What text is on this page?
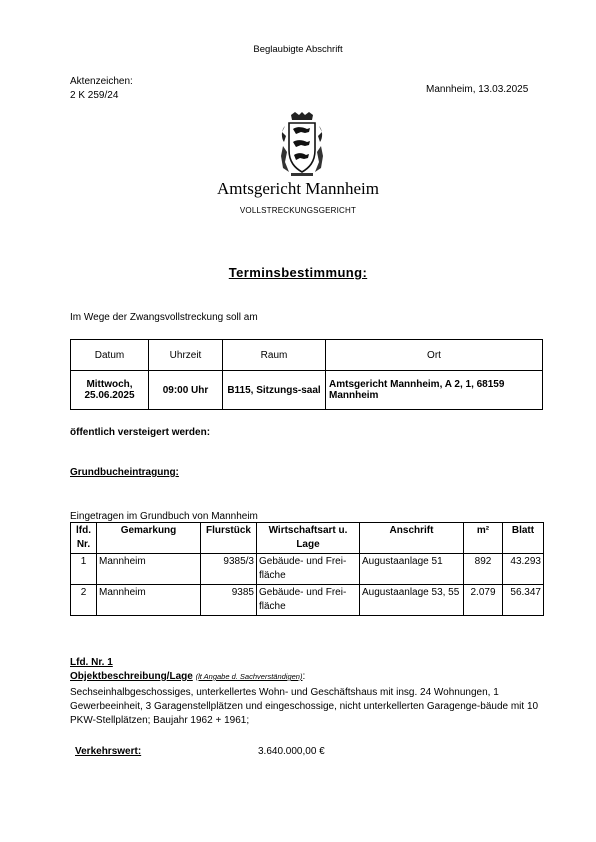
Beglaubigte Abschrift
Aktenzeichen:
2 K 259/24
Mannheim, 13.03.2025
Amtsgericht Mannheim
VOLLSTRECKUNGSGERICHT
Terminsbestimmung:
Im Wege der Zwangsvollstreckung soll am
Datum	Uhrzeit	Raum	Ort
Mittwoch, 25.06.2025	09:00 Uhr	B115, Sitzungs-saal	Amtsgericht Mannheim, A 2, 1, 68159 Mannheim
öffentlich versteigert werden:
Grundbucheintragung:
Eingetragen im Grundbuch von Mannheim
lfd. Nr.	Gemarkung	Flurstück	Wirtschaftsart u. Lage	Anschrift	m²	Blatt
1	Mannheim	9385/3	Gebäude- und Frei-fläche	Augustaanlage 51	892	43.293
2	Mannheim	9385	Gebäude- und Frei-fläche	Augustaanlage 53, 55	2.079	56.347
Lfd. Nr. 1
Objektbeschreibung/Lage (lt Angabe d. Sachverständigen):
Sechseinhalbgeschossiges, unterkellertes Wohn- und Geschäftshaus mit insg. 24 Wohnungen, 1 Gewerbeeinheit, 3 Garagenstellplätzen und eingeschossige, nicht unterkellerten Garagenge-bäude mit 10 PKW-Stellplätzen; Baujahr 1962 + 1961;
Verkehrswert:	3.640.000,00 €
